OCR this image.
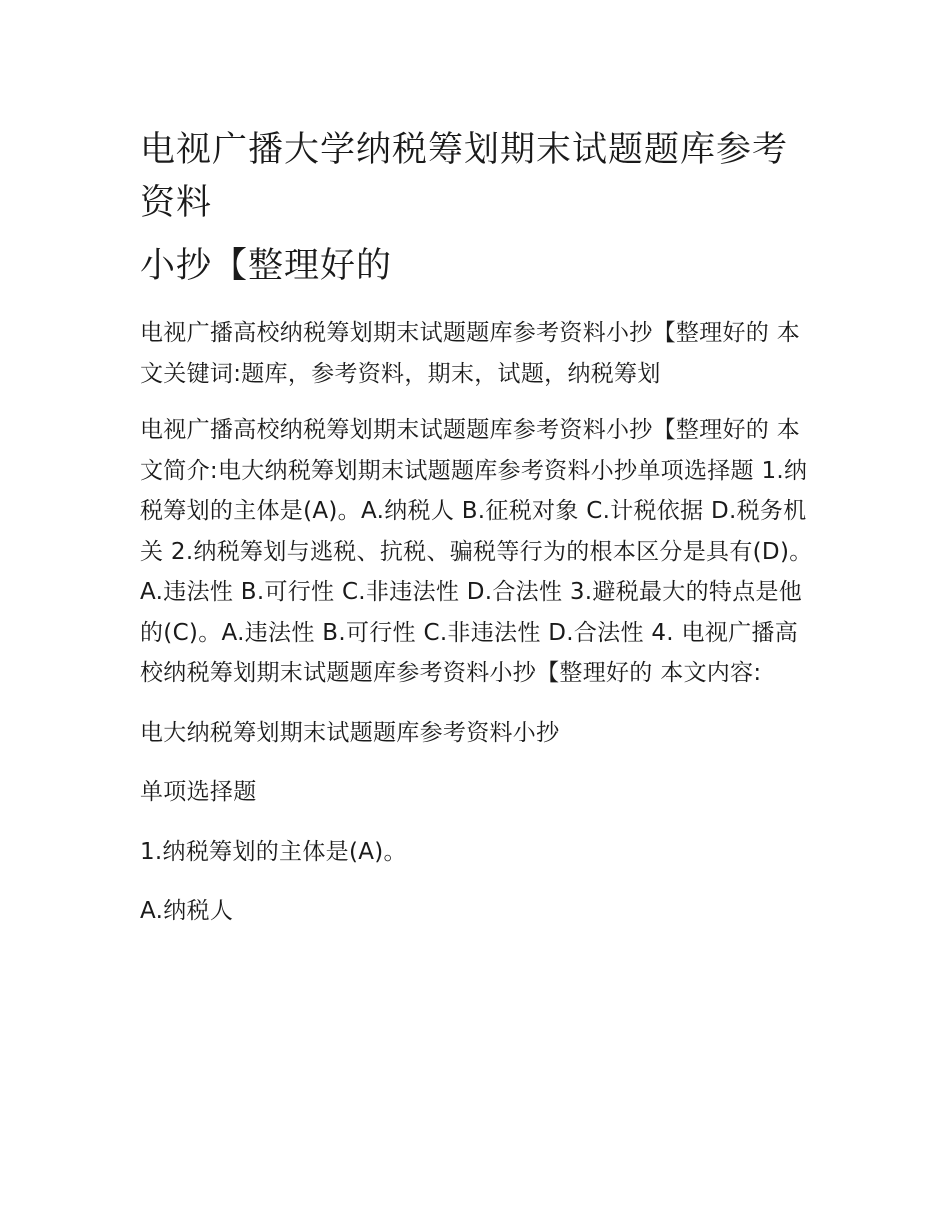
电视广播大学纳税筹划期末试题题库参考资料
小抄【整理好的

电视广播高校纳税筹划期末试题题库参考资料小抄【整理好的 本文关键词:题库，参考资料，期末，试题，纳税筹划

电视广播高校纳税筹划期末试题题库参考资料小抄【整理好的 本文简介:电大纳税筹划期末试题题库参考资料小抄单项选择题 1.纳税筹划的主体是(A)。A.纳税人 B.征税对象 C.计税依据 D.税务机关 2.纳税筹划与逃税、抗税、骗税等行为的根本区分是具有(D)。A.违法性 B.可行性 C.非违法性 D.合法性 3.避税最大的特点是他的(C)。A.违法性 B.可行性 C.非违法性 D.合法性 4. 电视广播高校纳税筹划期末试题题库参考资料小抄【整理好的 本文内容:

电大纳税筹划期末试题题库参考资料小抄

单项选择题

1.纳税筹划的主体是(A)。

A.纳税人
